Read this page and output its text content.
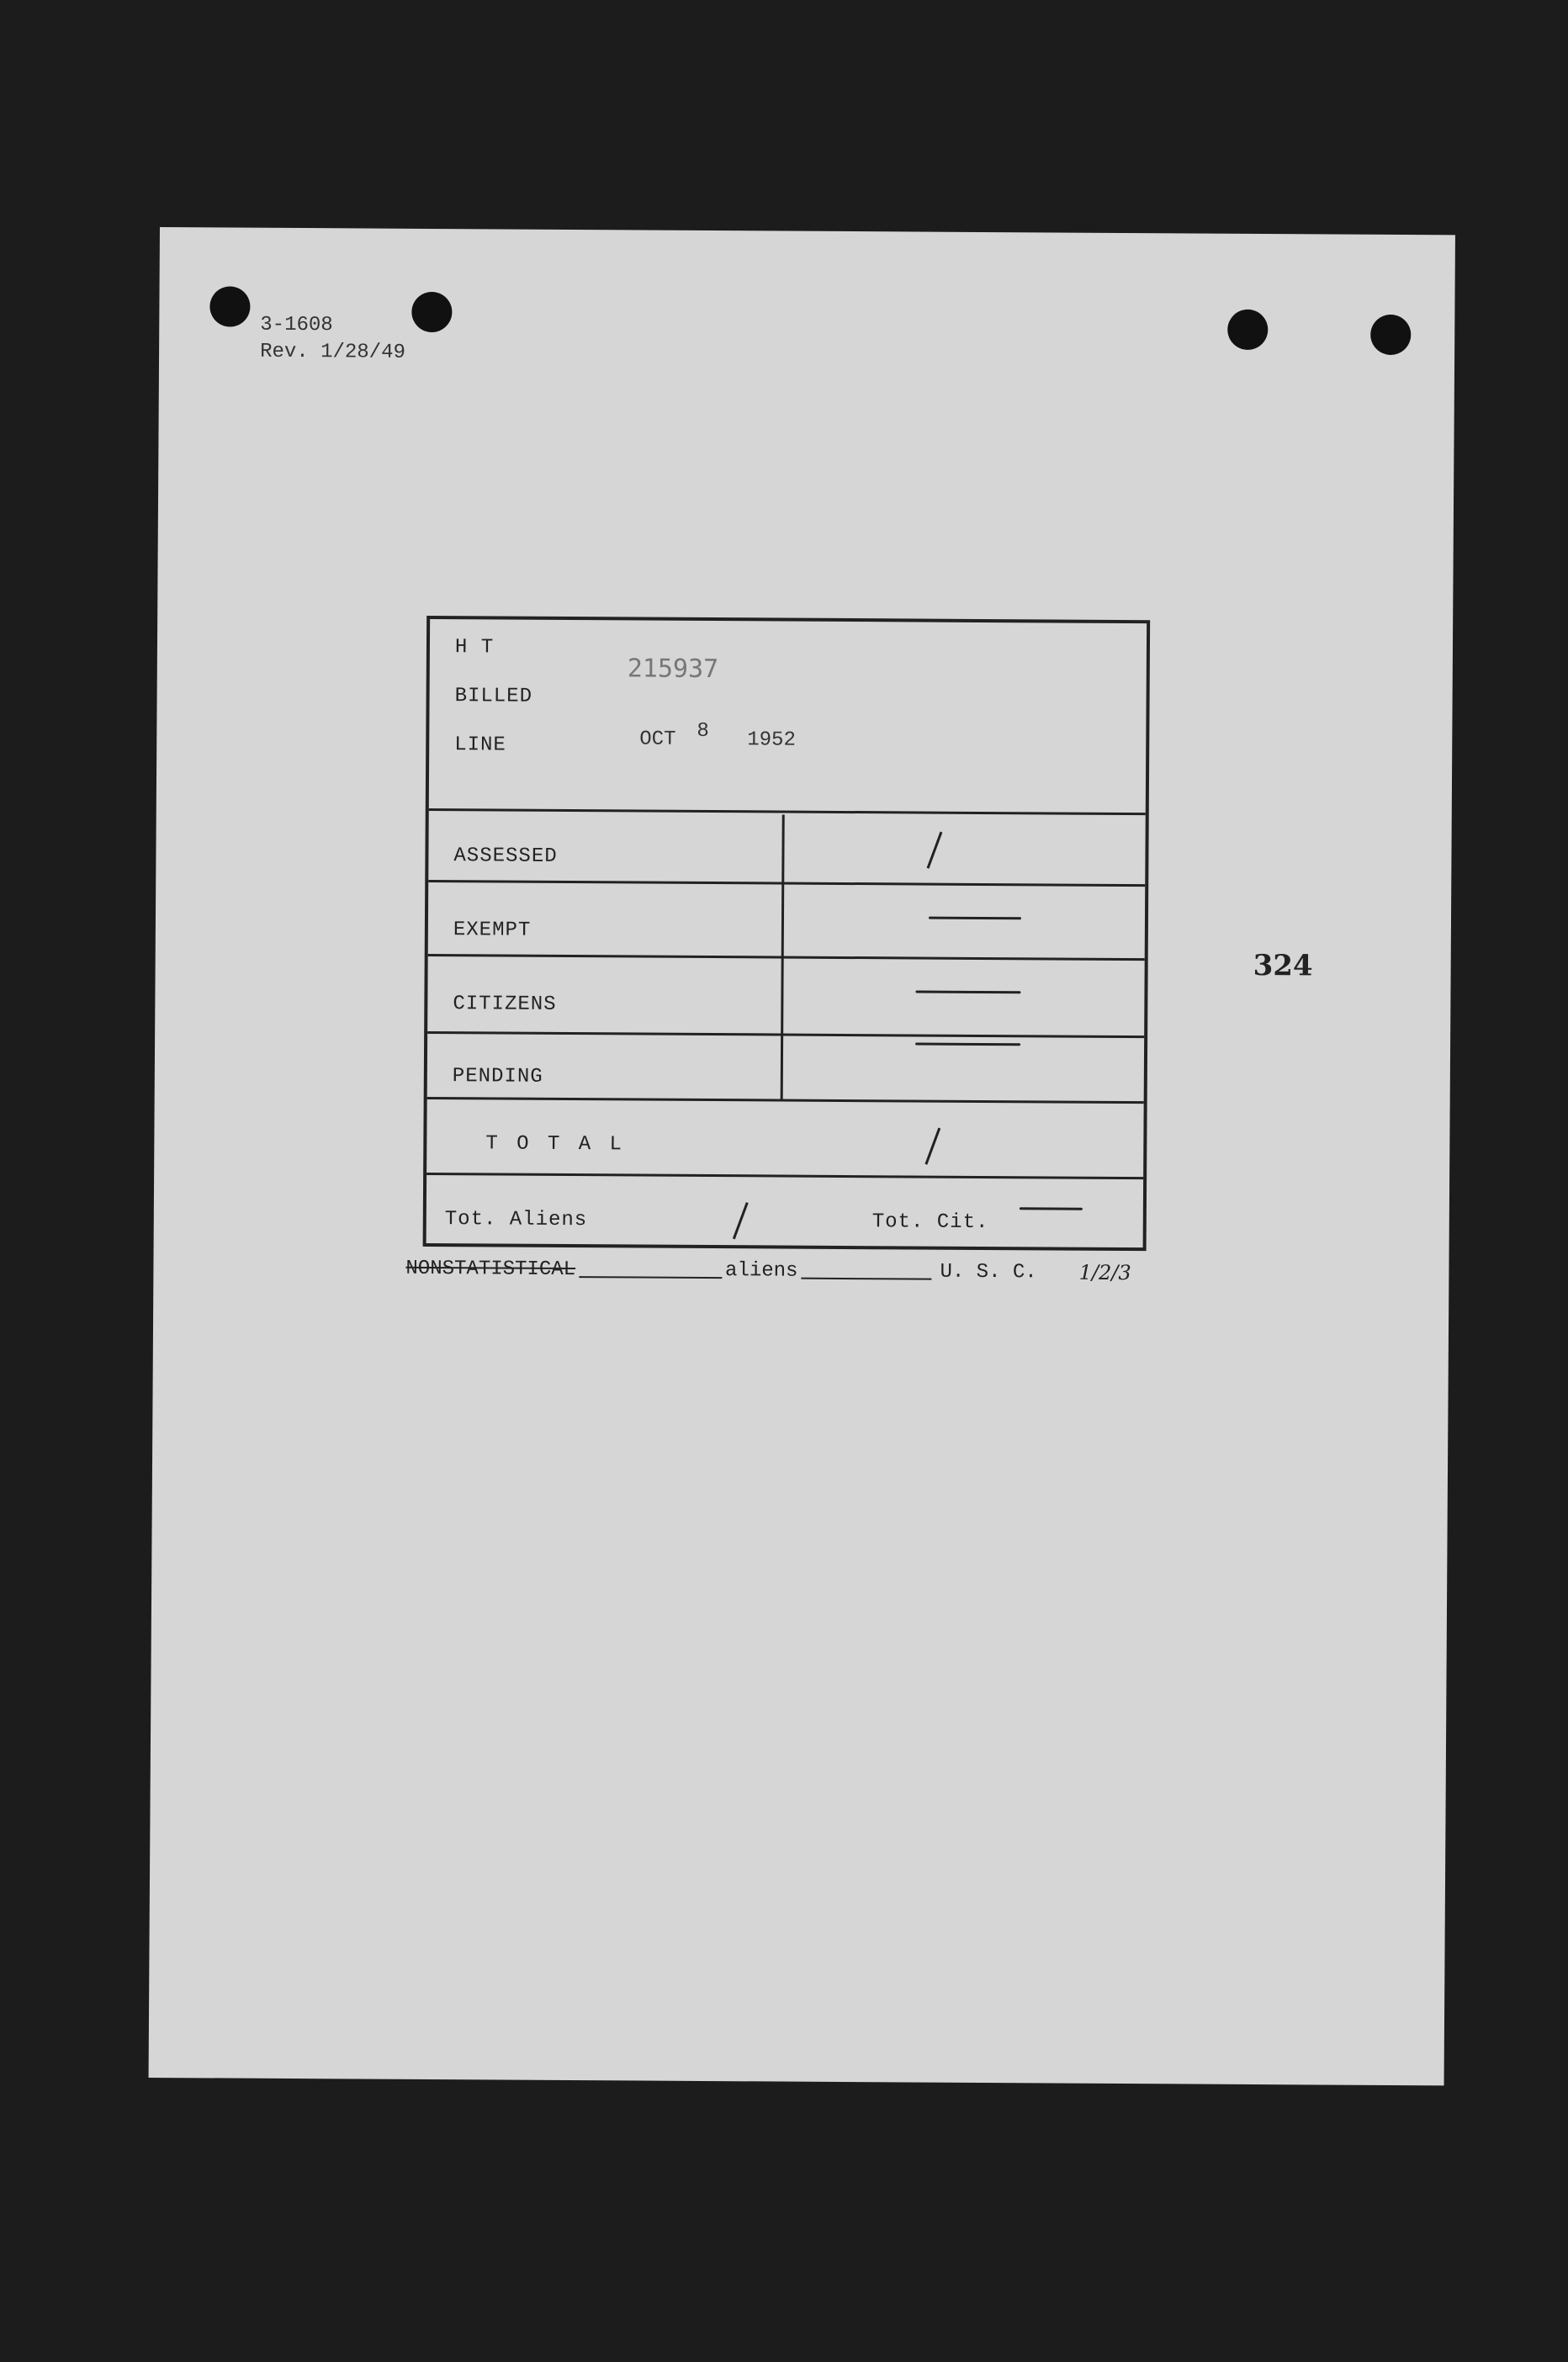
3-1608
Rev. 1/28/49
H T
BILLED
LINE
215937
OCT 8 1952
ASSESSED
EXEMPT
CITIZENS
PENDING
T O T A L
Tot. Aliens	Tot. Cit.
324
NONSTATISTICAL	aliens	U. S. C. 1/2/3
